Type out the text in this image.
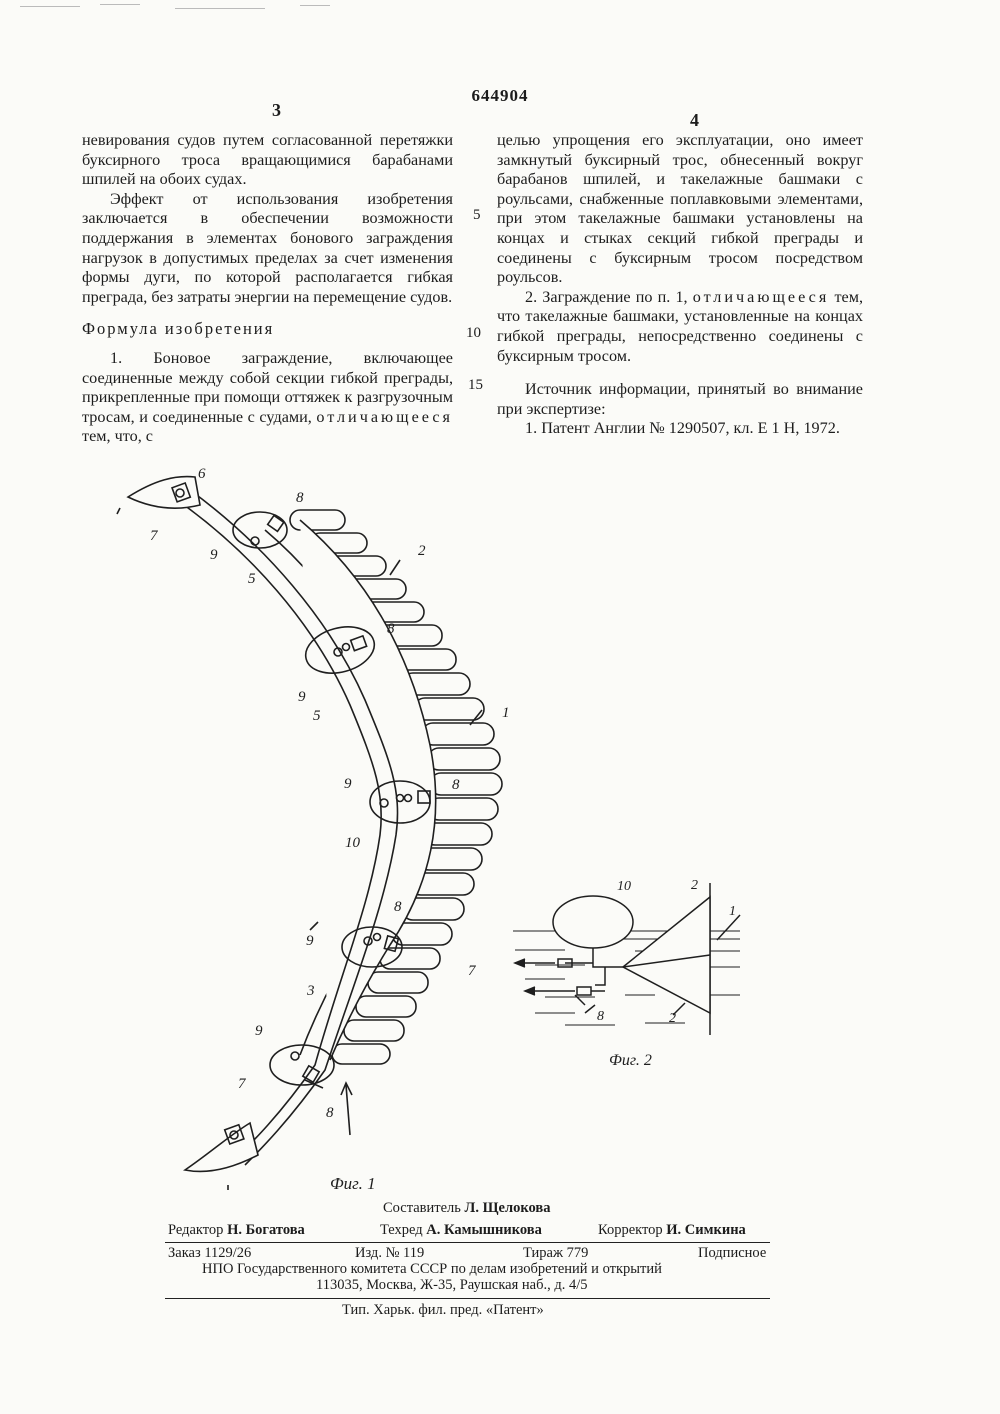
644904
3	4

невирования судов путем согласованной перетяжки буксирного троса вращающимися барабанами шпилей на обоих судах.

Эффект от использования изобретения заключается в обеспечении возможности поддержания в элементах бонового заграждения нагрузок в допустимых пределах за счет изменения формы дуги, по которой располагается гибкая преграда, без затраты энергии на перемещение судов.

Формула изобретения

1. Боновое заграждение, включающее соединенные между собой секции гибкой преграды, прикрепленные при помощи оттяжек к разгрузочным тросам, и соединенные с судами, отличающееся тем, что, с

5
10
15

целью упрощения его эксплуатации, оно имеет замкнутый буксирный трос, обнесенный вокруг барабанов шпилей, и такелажные башмаки с роульсами, снабженные поплавковыми элементами, при этом такелажные башмаки установлены на концах и стыках секций гибкой преграды и соединены с буксирным тросом посредством роульсов.

2. Заграждение по п. 1, отличающееся тем, что такелажные башмаки, установленные на концах гибкой преграды, непосредственно соединены с буксирным тросом.

Источник информации, принятый во внимание при экспертизе:

1. Патент Англии № 1290507, кл. Е 1 Н, 1972.

6
7
8
9
5
2
8
9
5	1
9	8
10
8
9
3
7
9
8
7
Фиг. 1
10	2
1
2
8
Фиг. 2
Составитель Л. Щелокова
Редактор Н. Богатова	Техред А. Камышникова	Корректор И. Симкина
Заказ 1129/26	Изд. № 119	Тираж 779	Подписное
НПО Государственного комитета СССР по делам изобретений и открытий
113035, Москва, Ж-35, Раушская наб., д. 4/5
Тип. Харьк. фил. пред. «Патент»
